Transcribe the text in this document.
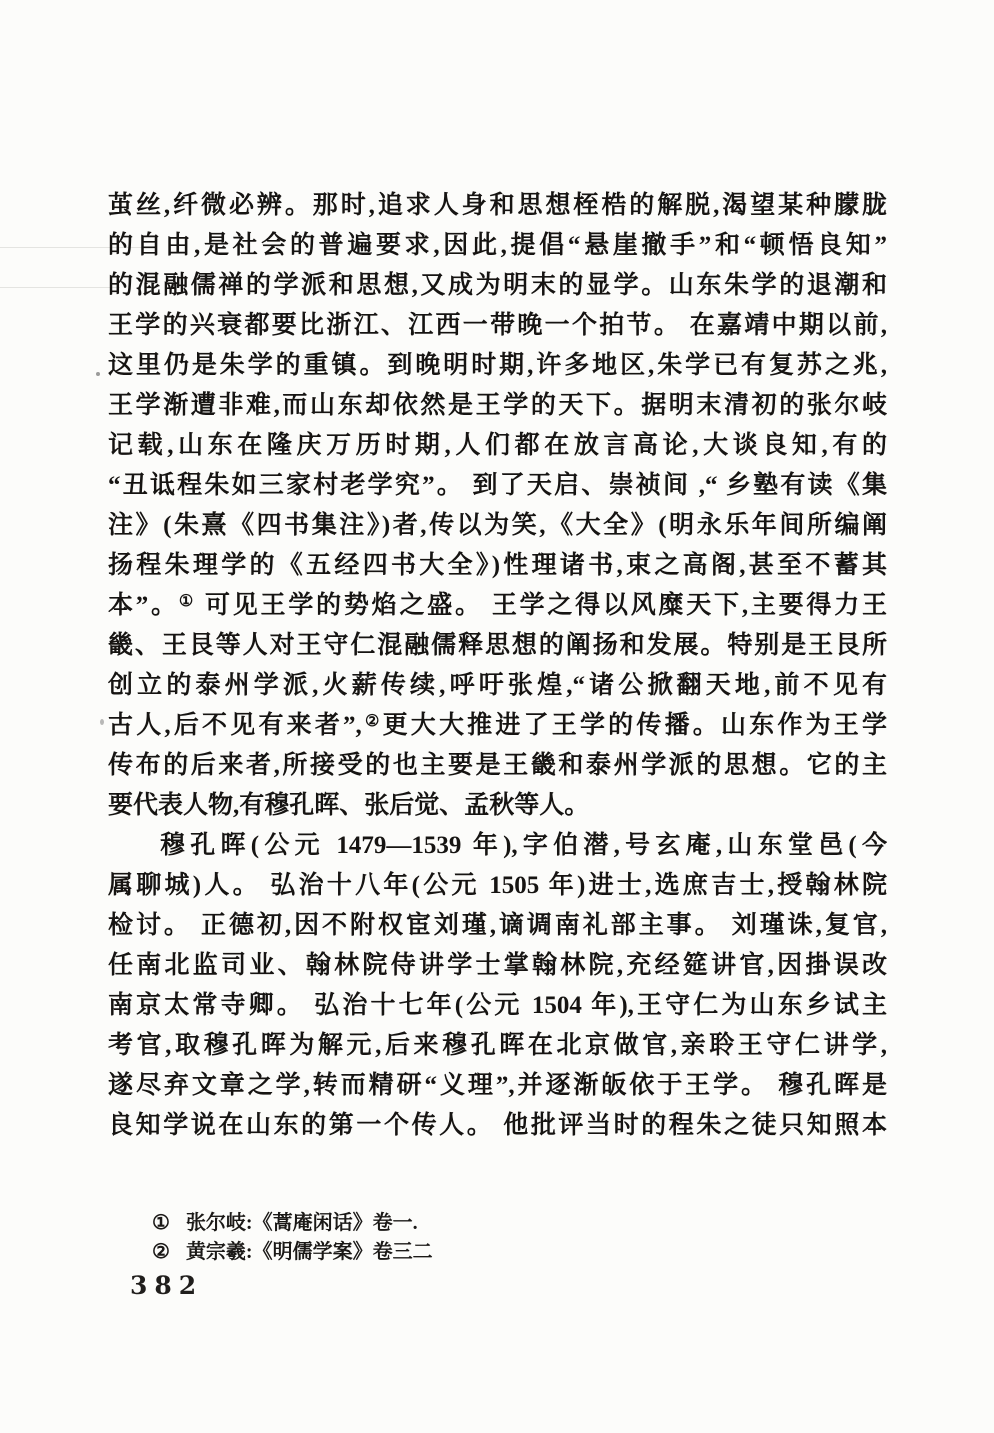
茧丝,纤微必辨。那时,追求人身和思想桎梏的解脱,渴望某种朦胧
的自由,是社会的普遍要求,因此,提倡“悬崖撤手”和“顿悟良知”
的混融儒禅的学派和思想,又成为明末的显学。山东朱学的退潮和
王学的兴衰都要比浙江、江西一带晚一个拍节。 在嘉靖中期以前,
这里仍是朱学的重镇。到晚明时期,许多地区,朱学已有复苏之兆,
王学渐遭非难,而山东却依然是王学的天下。据明末清初的张尔岐
记载,山东在隆庆万历时期,人们都在放言高论,大谈良知,有的
“丑诋程朱如三家村老学究”。 到了天启、崇祯间 ,“ 乡塾有读《集
注》(朱熹《四书集注》)者,传以为笑,《大全》(明永乐年间所编阐
扬程朱理学的《五经四书大全》)性理诸书,束之高阁,甚至不蓄其
本”。① 可见王学的势焰之盛。 王学之得以风糜天下,主要得力王
畿、王艮等人对王守仁混融儒释思想的阐扬和发展。特别是王艮所
创立的泰州学派,火薪传续,呼吁张煌,“诸公掀翻天地,前不见有
古人,后不见有来者”,②更大大推进了王学的传播。山东作为王学
传布的后来者,所接受的也主要是王畿和泰州学派的思想。它的主
要代表人物,有穆孔晖、张后觉、孟秋等人。
穆孔晖(公元 1479—1539 年),字伯潜,号玄庵,山东堂邑(今
属聊城)人。 弘治十八年(公元 1505 年)进士,选庶吉士,授翰林院
检讨。 正德初,因不附权宦刘瑾,谪调南礼部主事。 刘瑾诛,复官,
任南北监司业、翰林院侍讲学士掌翰林院,充经筵讲官,因掛误改
南京太常寺卿。 弘治十七年(公元 1504 年),王守仁为山东乡试主
考官,取穆孔晖为解元,后来穆孔晖在北京做官,亲聆王守仁讲学,
遂尽弃文章之学,转而精研“义理”,并逐渐皈依于王学。 穆孔晖是
良知学说在山东的第一个传人。 他批评当时的程朱之徒只知照本
① 张尔岐:《蒿庵闲话》卷一.
② 黄宗羲:《明儒学案》卷三二
382
